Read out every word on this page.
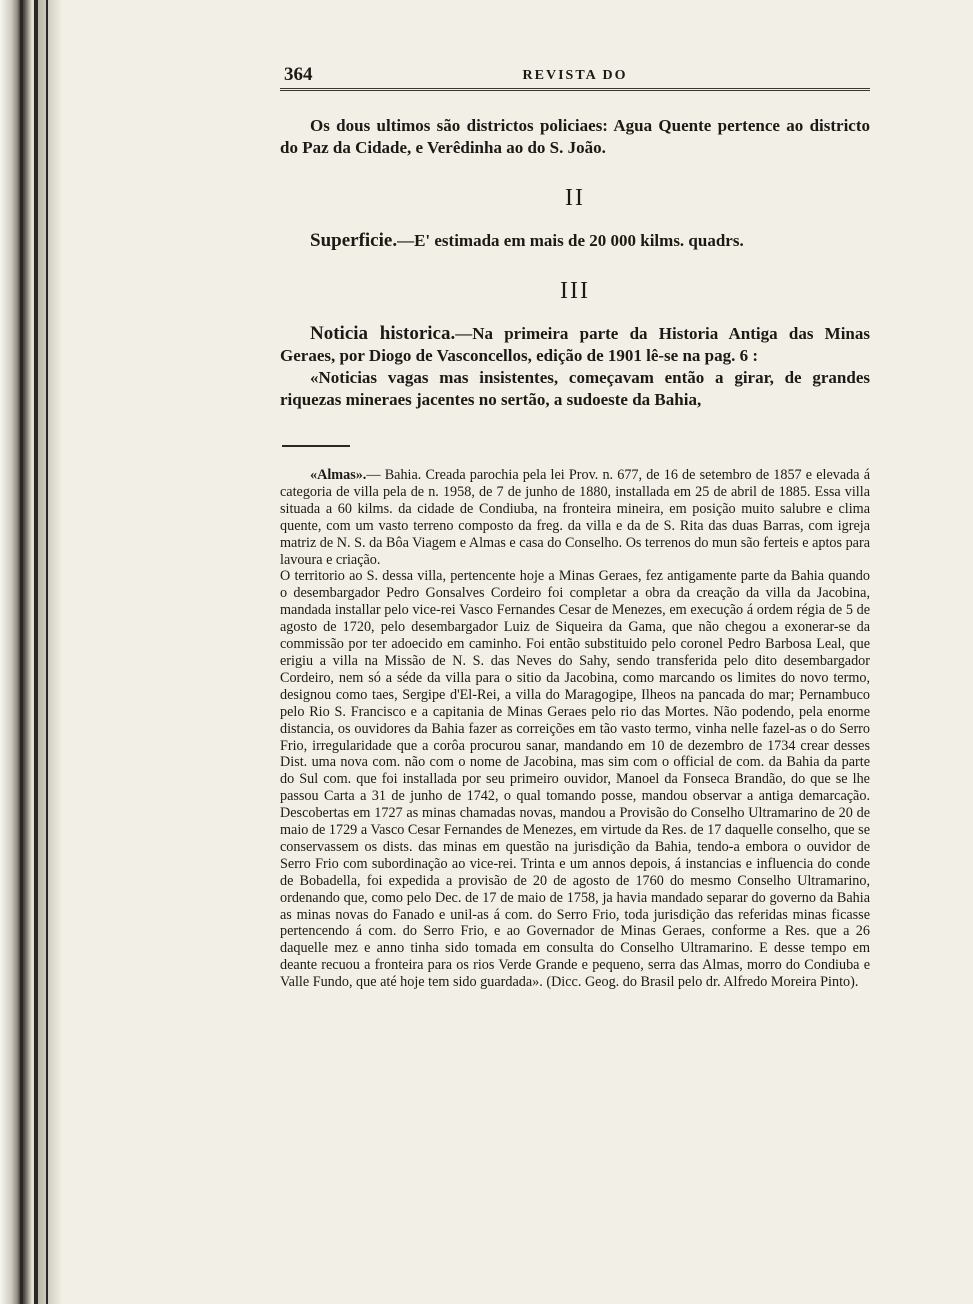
364	REVISTA DO

Os dous ultimos são districtos policiaes: Agua Quente pertence ao districto do Paz da Cidade, e Verêdinha ao do S. João.

II

Superficie.—E' estimada em mais de 20 000 kilms. quadrs.

III

Noticia historica.—Na primeira parte da Historia Antiga das Minas Geraes, por Diogo de Vasconcellos, edição de 1901 lê-se na pag. 6 :

«Noticias vagas mas insistentes, começavam então a girar, de grandes riquezas mineraes jacentes no sertão, a sudoeste da Bahia,

«Almas».— Bahia. Creada parochia pela lei Prov. n. 677, de 16 de setembro de 1857 e elevada á categoria de villa pela de n. 1958, de 7 de junho de 1880, installada em 25 de abril de 1885. Essa villa situada a 60 kilms. da cidade de Condiuba, na fronteira mineira, em posição muito salubre e clima quente, com um vasto terreno composto da freg. da villa e da de S. Rita das duas Barras, com igreja matriz de N. S. da Bôa Viagem e Almas e casa do Conselho. Os terrenos do mun são ferteis e aptos para lavoura e criação.

O territorio ao S. dessa villa, pertencente hoje a Minas Geraes, fez antigamente parte da Bahia quando o desembargador Pedro Gonsalves Cordeiro foi completar a obra da creação da villa da Jacobina, mandada installar pelo vice-rei Vasco Fernandes Cesar de Menezes, em execução á ordem régia de 5 de agosto de 1720, pelo desembargador Luiz de Siqueira da Gama, que não chegou a exonerar-se da commissão por ter adoecido em caminho. Foi então substituido pelo coronel Pedro Barbosa Leal, que erigiu a villa na Missão de N. S. das Neves do Sahy, sendo transferida pelo dito desembargador Cordeiro, nem só a séde da villa para o sitio da Jacobina, como marcando os limites do novo termo, designou como taes, Sergipe d'El-Rei, a villa do Maragogipe, Ilheos na pancada do mar; Pernambuco pelo Rio S. Francisco e a capitania de Minas Geraes pelo rio das Mortes. Não podendo, pela enorme distancia, os ouvidores da Bahia fazer as correições em tão vasto termo, vinha nelle fazel-as o do Serro Frio, irregularidade que a corôa procurou sanar, mandando em 10 de dezembro de 1734 crear desses Dist. uma nova com. não com o nome de Jacobina, mas sim com o official de com. da Bahia da parte do Sul com. que foi installada por seu primeiro ouvidor, Manoel da Fonseca Brandão, do que se lhe passou Carta a 31 de junho de 1742, o qual tomando posse, mandou observar a antiga demarcação. Descobertas em 1727 as minas chamadas novas, mandou a Provisão do Conselho Ultramarino de 20 de maio de 1729 a Vasco Cesar Fernandes de Menezes, em virtude da Res. de 17 daquelle conselho, que se conservassem os dists. das minas em questão na jurisdição da Bahia, tendo-a embora o ouvidor de Serro Frio com subordinação ao vice-rei. Trinta e um annos depois, á instancias e influencia do conde de Bobadella, foi expedida a provisão de 20 de agosto de 1760 do mesmo Conselho Ultramarino, ordenando que, como pelo Dec. de 17 de maio de 1758, ja havia mandado separar do governo da Bahia as minas novas do Fanado e unil-as á com. do Serro Frio, toda jurisdição das referidas minas ficasse pertencendo á com. do Serro Frio, e ao Governador de Minas Geraes, conforme a Res. que a 26 daquelle mez e anno tinha sido tomada em consulta do Conselho Ultramarino. E desse tempo em deante recuou a fronteira para os rios Verde Grande e pequeno, serra das Almas, morro do Condiuba e Valle Fundo, que até hoje tem sido guardada». (Dicc. Geog. do Brasil pelo dr. Alfredo Moreira Pinto).
